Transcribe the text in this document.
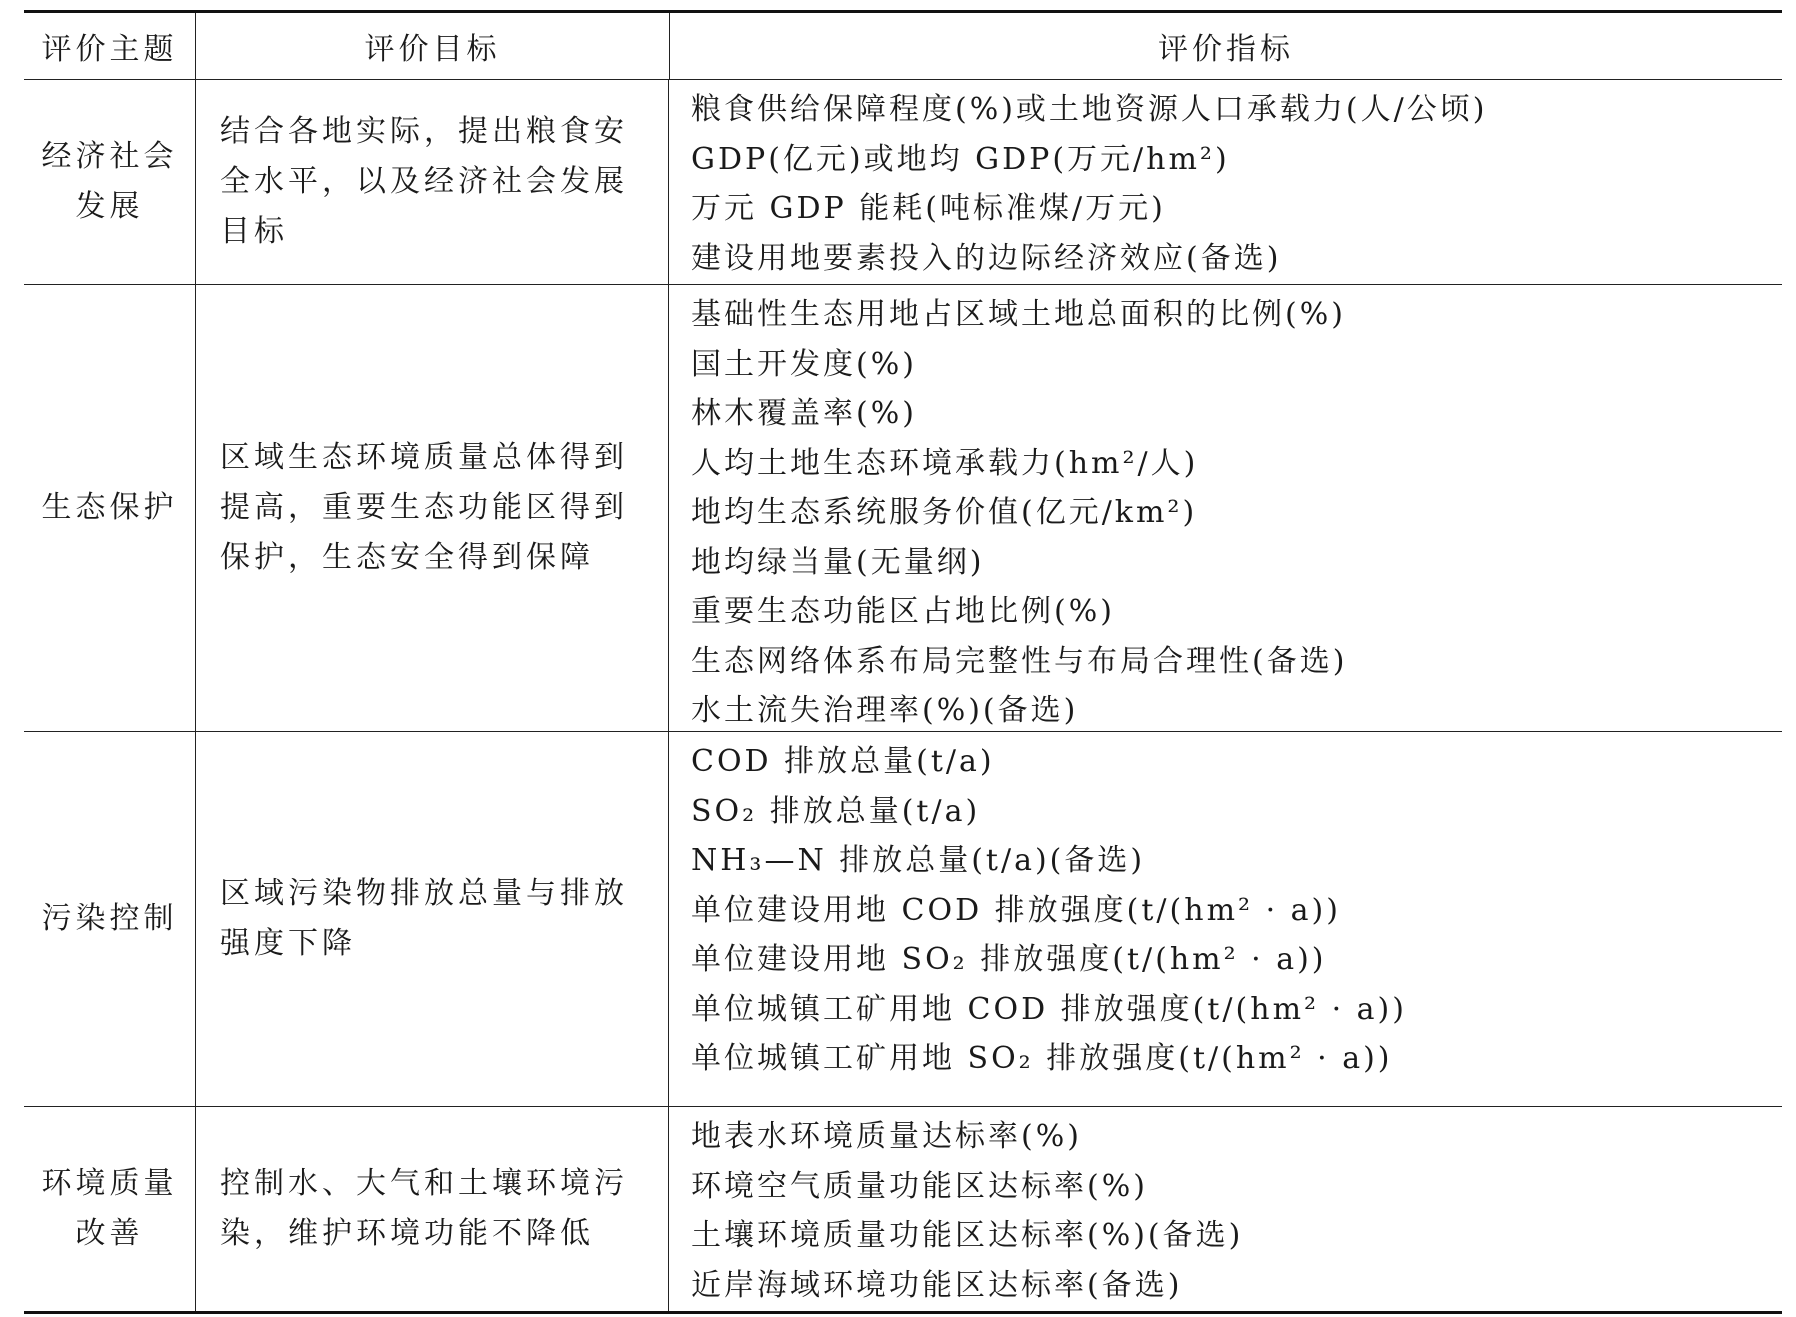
评价主题	评价目标	评价指标
经济社会发展
结合各地实际，提出粮食安全水平，以及经济社会发展目标
粮食供给保障程度(%)或土地资源人口承载力(人/公顷)
GDP(亿元)或地均 GDP(万元/hm²)
万元 GDP 能耗(吨标准煤/万元)
建设用地要素投入的边际经济效应(备选)
生态保护
区域生态环境质量总体得到提高，重要生态功能区得到保护，生态安全得到保障
基础性生态用地占区域土地总面积的比例(%)
国土开发度(%)
林木覆盖率(%)
人均土地生态环境承载力(hm²/人)
地均生态系统服务价值(亿元/km²)
地均绿当量(无量纲)
重要生态功能区占地比例(%)
生态网络体系布局完整性与布局合理性(备选)
水土流失治理率(%)(备选)
污染控制
区域污染物排放总量与排放强度下降
COD 排放总量(t/a)
SO₂ 排放总量(t/a)
NH₃—N 排放总量(t/a)(备选)
单位建设用地 COD 排放强度(t/(hm² · a))
单位建设用地 SO₂ 排放强度(t/(hm² · a))
单位城镇工矿用地 COD 排放强度(t/(hm² · a))
单位城镇工矿用地 SO₂ 排放强度(t/(hm² · a))
环境质量改善
控制水、大气和土壤环境污染，维护环境功能不降低
地表水环境质量达标率(%)
环境空气质量功能区达标率(%)
土壤环境质量功能区达标率(%)(备选)
近岸海域环境功能区达标率(备选)
